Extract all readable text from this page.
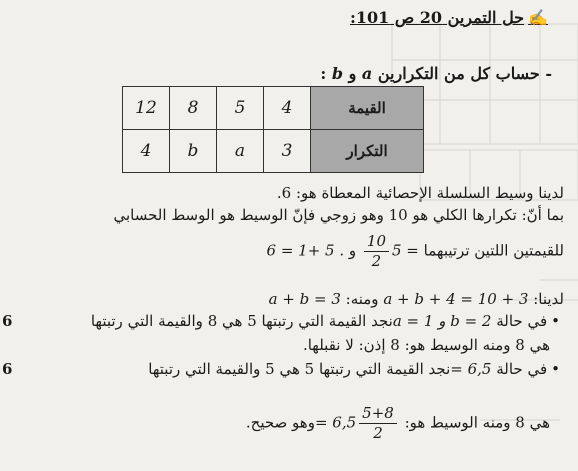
✍حل التمرين 20 ص 101:
- حساب كل من التكرارين a و b :
القيمة	4	5	8	12
التكرار	3	a	b	4
لدينا وسيط السلسلة الإحصائية المعطاة هو: 6.
بما أنّ: تكرارها الكلي هو 10 وهو زوجي فإنّ الوسيط هو الوسط الحسابي
للقيمتين اللتين ترتيبهما 5 =
$\frac{10}{2}$
و 6 = 1+ 5 .
لدينا: a + b + 4 = 10 + 3 ومنه: a + b = 3
•في حالة a = 1 و b = 2نجد القيمة التي رتبتها 5 هي 8 والقيمة التي رتبتها
6
هي 8 ومنه الوسيط هو: 8 إذن: لا نقبلها.
•في حالة = 6,5نجد القيمة التي رتبتها 5 هي 5 والقيمة التي رتبتها
6
هي 8 ومنه الوسيط هو:
$\frac{5+8}{2}$
= 6,5وهو صحيح.
